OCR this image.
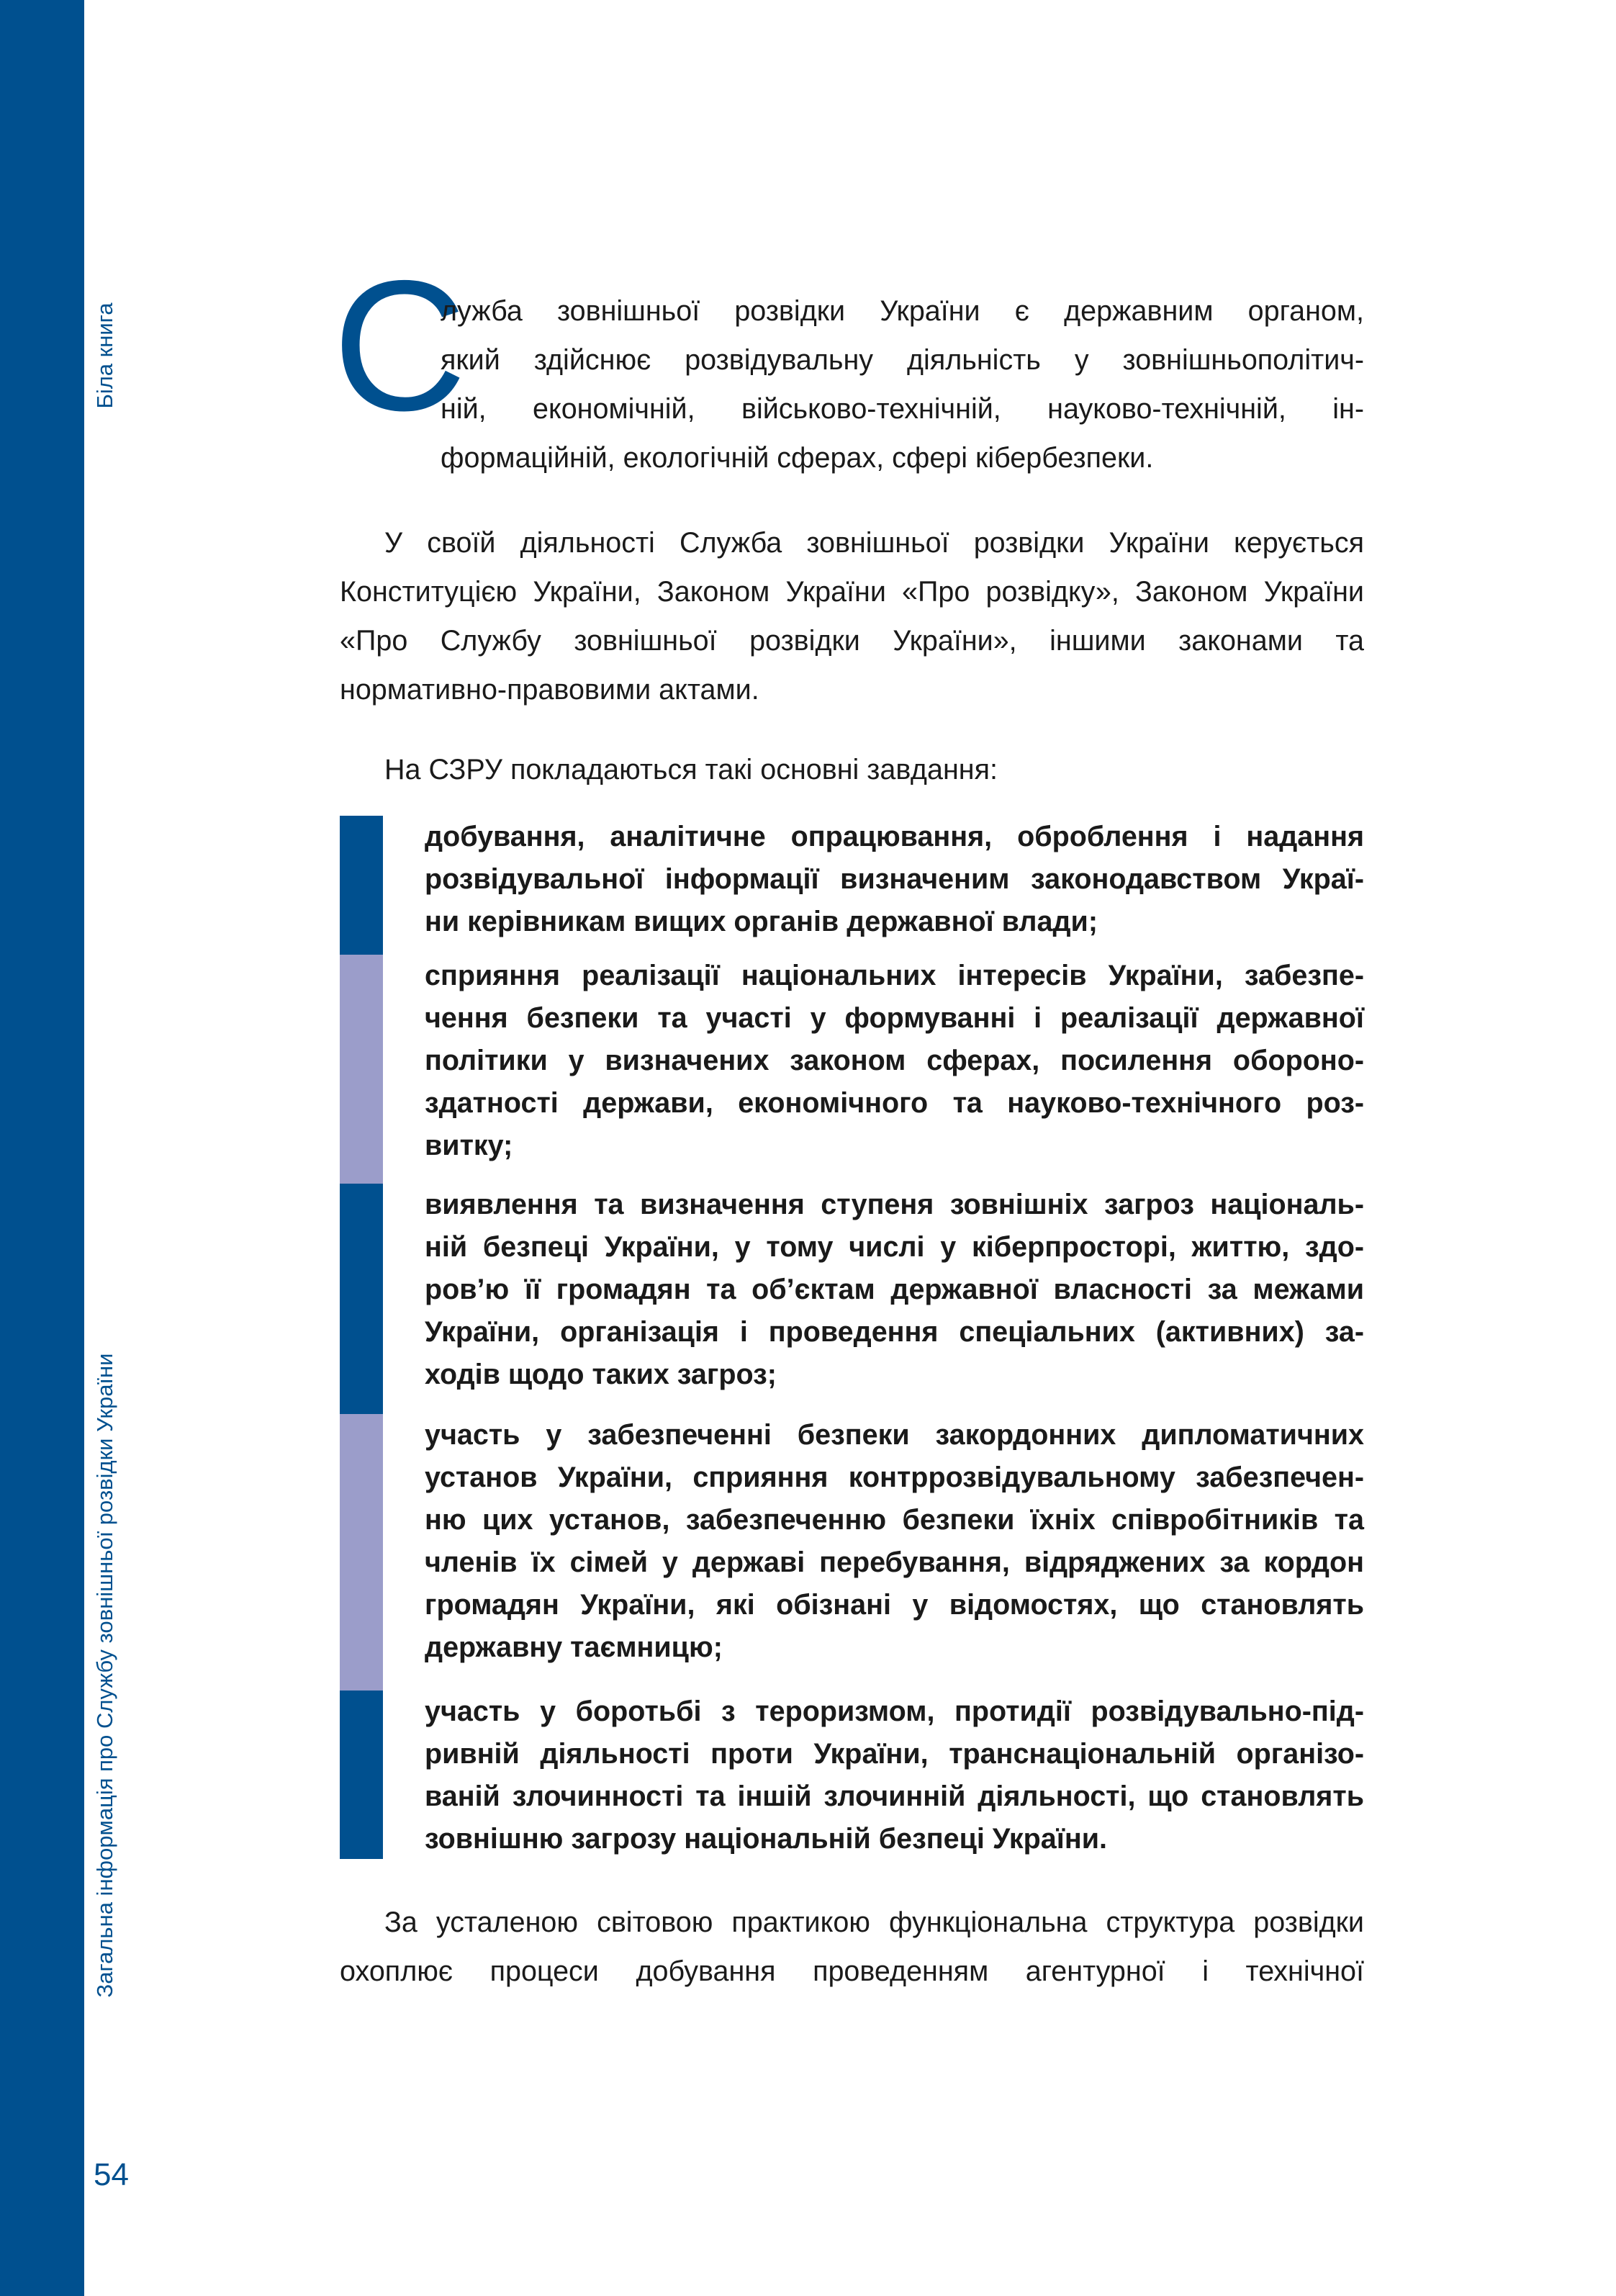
Біла книга
Загальна інформація про Службу зовнішньої розвідки України
54
С

лужба зовнішньої розвідки України є державним органом,
який здійснює розвідувальну діяльність у зовнішньополітич-
ній, економічній, військово-технічній, науково-технічній, ін-
формаційній, екологічній сферах, сфері кібербезпеки.

У своїй діяльності Служба зовнішньої розвідки України керується Конституцією України, Законом України «Про розвідку», Законом України «Про Службу зовнішньої розвідки України», іншими законами та нормативно-правовими актами.

На СЗРУ покладаються такі основні завдання:

добування, аналітичне опрацювання, оброблення і надання
розвідувальної інформації визначеним законодавством Украї-
ни керівникам вищих органів державної влади;
сприяння реалізації національних інтересів України, забезпе-
чення безпеки та участі у формуванні і реалізації державної
політики у визначених законом сферах, посилення обороно-
здатності держави, економічного та науково-технічного роз-
витку;
виявлення та визначення ступеня зовнішніх загроз національ-
ній безпеці України, у тому числі у кіберпросторі, життю, здо-
ров’ю її громадян та об’єктам державної власності за межами
України, організація і проведення спеціальних (активних) за-
ходів щодо таких загроз;
участь у забезпеченні безпеки закордонних дипломатичних
установ України, сприяння контррозвідувальному забезпечен-
ню цих установ, забезпеченню безпеки їхніх співробітників та
членів їх сімей у державі перебування, відряджених за кордон
громадян України, які обізнані у відомостях, що становлять
державну таємницю;
участь у боротьбі з тероризмом, протидії розвідувально-під-
ривній діяльності проти України, транснаціональній організо-
ваній злочинності та іншій злочинній діяльності, що становлять
зовнішню загрозу національній безпеці України.

За усталеною світовою практикою функціональна структура розвідки охоплює процеси добування проведенням агентурної і технічної
